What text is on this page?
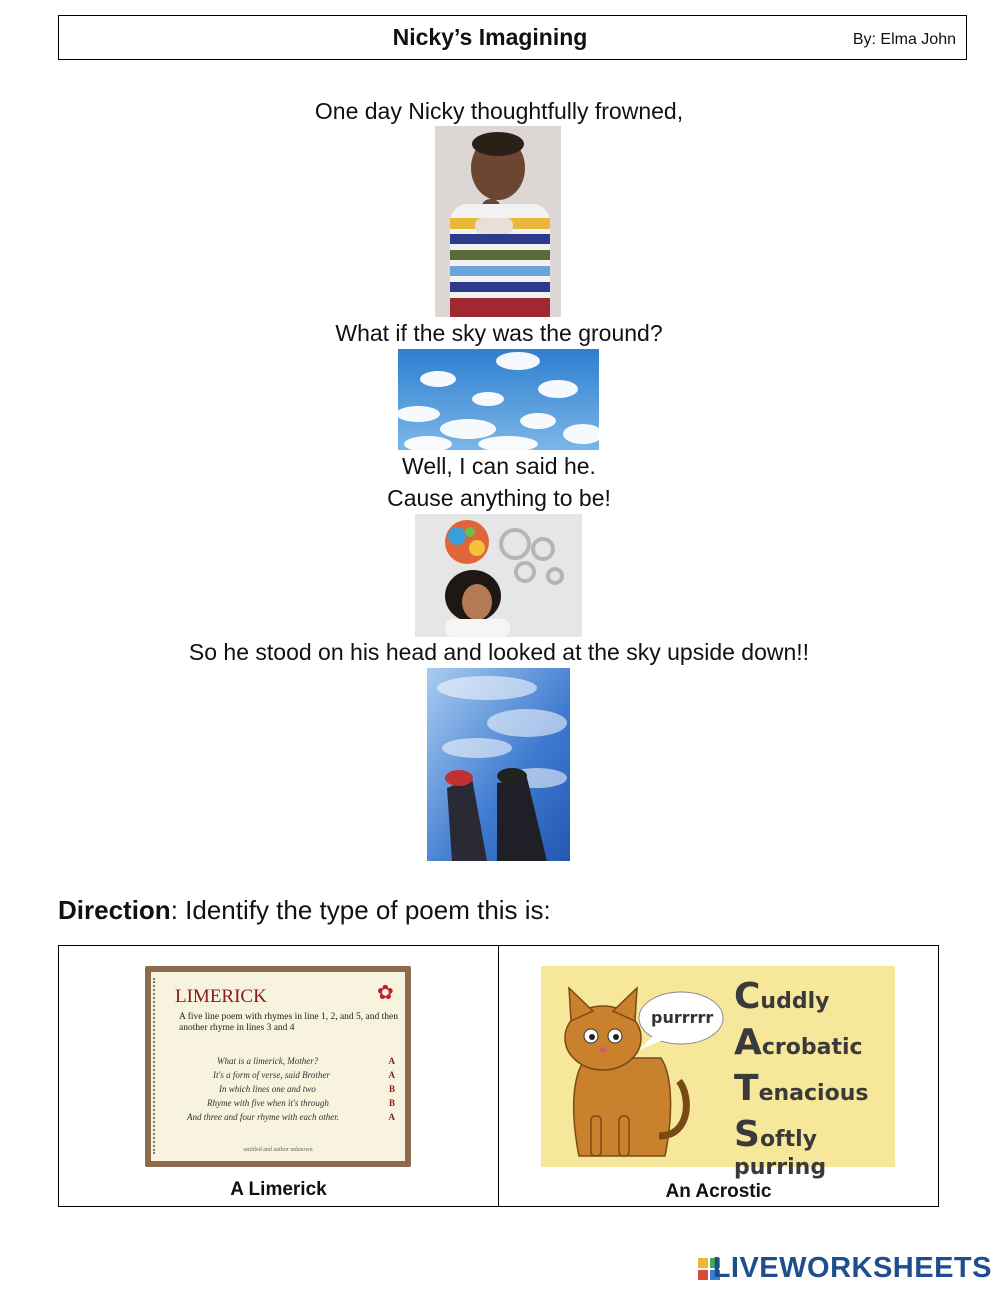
Nicky’s Imagining	By: Elma John
One day Nicky thoughtfully frowned,
What if the sky was the ground?
Well, I can said he.
Cause anything to be!
So he stood on his head and looked at the sky upside down!!
Direction: Identify the type of poem this is:
LIMERICK	✿
A five line poem with rhymes in line 1, 2, and 5, and then another rhyme in lines 3 and 4
What is a limerick, Mother?	A
It's a form of verse, said Brother	A
In which lines one and two	B
Rhyme with five when it's through	B
And three and four rhyme with each other.	A
untitled and author unknown
A Limerick
purrrrr
Cuddly
Acrobatic
Tenacious
Softly purring
An Acrostic
LIVEWORKSHEETS
